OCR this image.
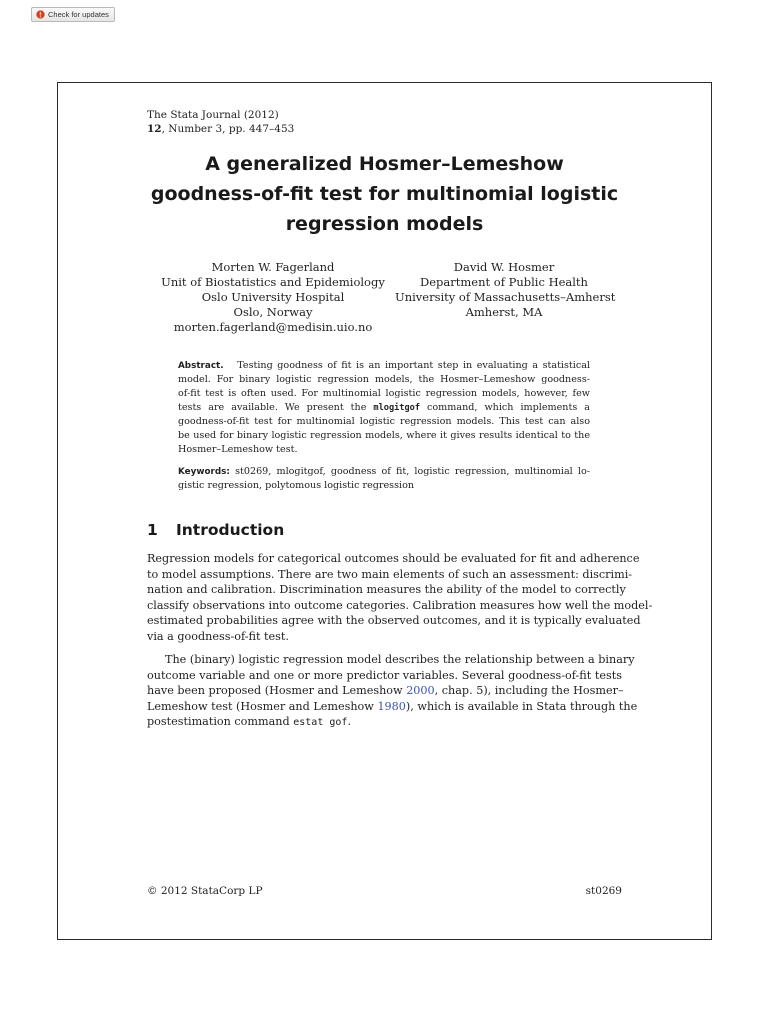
Check for updates
The Stata Journal (2012)
12, Number 3, pp. 447–453
A generalized Hosmer–Lemeshow
goodness-of-fit test for multinomial logistic
regression models
Morten W. Fagerland
Unit of Biostatistics and Epidemiology
Oslo University Hospital
Oslo, Norway
morten.fagerland@medisin.uio.no
David W. Hosmer
Department of Public Health
University of Massachusetts–Amherst
Amherst, MA
Abstract. Testing goodness of fit is an important step in evaluating a statistical
model. For binary logistic regression models, the Hosmer–Lemeshow goodness-
of-fit test is often used. For multinomial logistic regression models, however, few
tests are available. We present the mlogitgof command, which implements a
goodness-of-fit test for multinomial logistic regression models. This test can also
be used for binary logistic regression models, where it gives results identical to the
Hosmer–Lemeshow test.
Keywords: st0269, mlogitgof, goodness of fit, logistic regression, multinomial lo-
gistic regression, polytomous logistic regression
1 Introduction
Regression models for categorical outcomes should be evaluated for fit and adherence
to model assumptions. There are two main elements of such an assessment: discrimi-
nation and calibration. Discrimination measures the ability of the model to correctly
classify observations into outcome categories. Calibration measures how well the model-
estimated probabilities agree with the observed outcomes, and it is typically evaluated
via a goodness-of-fit test.
The (binary) logistic regression model describes the relationship between a binary
outcome variable and one or more predictor variables. Several goodness-of-fit tests
have been proposed (Hosmer and Lemeshow 2000, chap. 5), including the Hosmer–
Lemeshow test (Hosmer and Lemeshow 1980), which is available in Stata through the
postestimation command estat gof.
© 2012 StataCorp LP	st0269
